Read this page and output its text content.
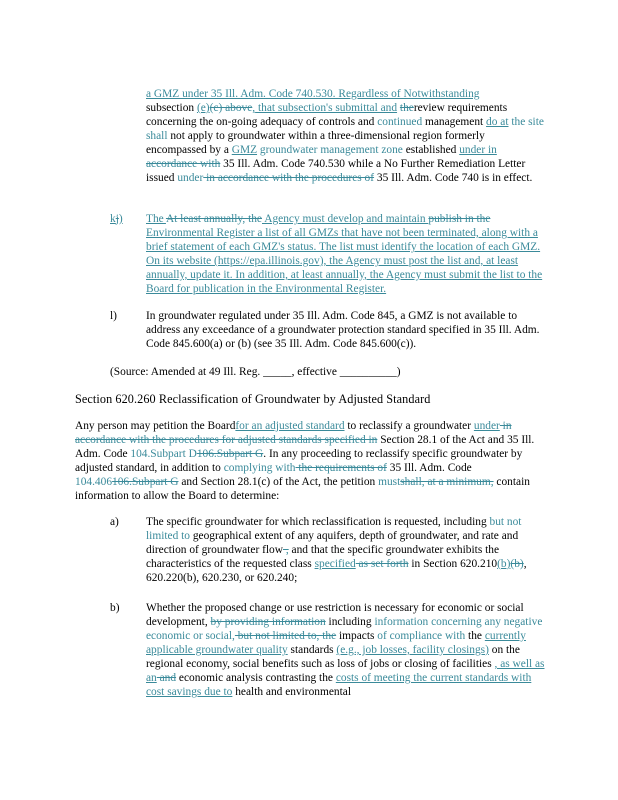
a GMZ under 35 Ill. Adm. Code 740.530. Regardless of Notwithstanding
subsection (e)(c) above, that subsection's submittal and thereview requirements concerning the on-going adequacy of controls and continued management do at the site shall not apply to groundwater within a three-dimensional region formerly encompassed by a GMZ groundwater management zone established under in accordance with 35 Ill. Adm. Code 740.530 while a No Further Remediation Letter issued under in accordance with the procedures of 35 Ill. Adm. Code 740 is in effect.
kj) The At least annually, the Agency must develop and maintain publish in the Environmental Register a list of all GMZs that have not been terminated, along with a brief statement of each GMZ's status. The list must identify the location of each GMZ. On its website (https://epa.illinois.gov), the Agency must post the list and, at least annually, update it. In addition, at least annually, the Agency must submit the list to the Board for publication in the Environmental Register.
l)	In groundwater regulated under 35 Ill. Adm. Code 845, a GMZ is not available to address any exceedance of a groundwater protection standard specified in 35 Ill. Adm. Code 845.600(a) or (b) (see 35 Ill. Adm. Code 845.600(c)).
(Source: Amended at 49 Ill. Reg. _____, effective __________)
Section 620.260 Reclassification of Groundwater by Adjusted Standard
Any person may petition the Boardfor an adjusted standard to reclassify a groundwater under in accordance with the procedures for adjusted standards specified in Section 28.1 of the Act and 35 Ill. Adm. Code 104.Subpart D106.Subpart G. In any proceeding to reclassify specific groundwater by adjusted standard, in addition to complying with the requirements of 35 Ill. Adm. Code 104.406106.Subpart G and Section 28.1(c) of the Act, the petition mustshall, at a minimum, contain information to allow the Board to determine:
a) The specific groundwater for which reclassification is requested, including but not limited to geographical extent of any aquifers, depth of groundwater, and rate and direction of groundwater flow , and that the specific groundwater exhibits the characteristics of the requested class specified as set forth in Section 620.210(b)(b), 620.220(b), 620.230, or 620.240;
b) Whether the proposed change or use restriction is necessary for economic or social development, by providing information including information concerning any negative economic or social, but not limited to, the impacts of compliance with the currently applicable groundwater quality standards (e.g., job losses, facility closings) on the regional economy, social benefits such as loss of jobs or closing of facilities , as well as an and economic analysis contrasting the costs of meeting the current standards with cost savings due to health and environmental
